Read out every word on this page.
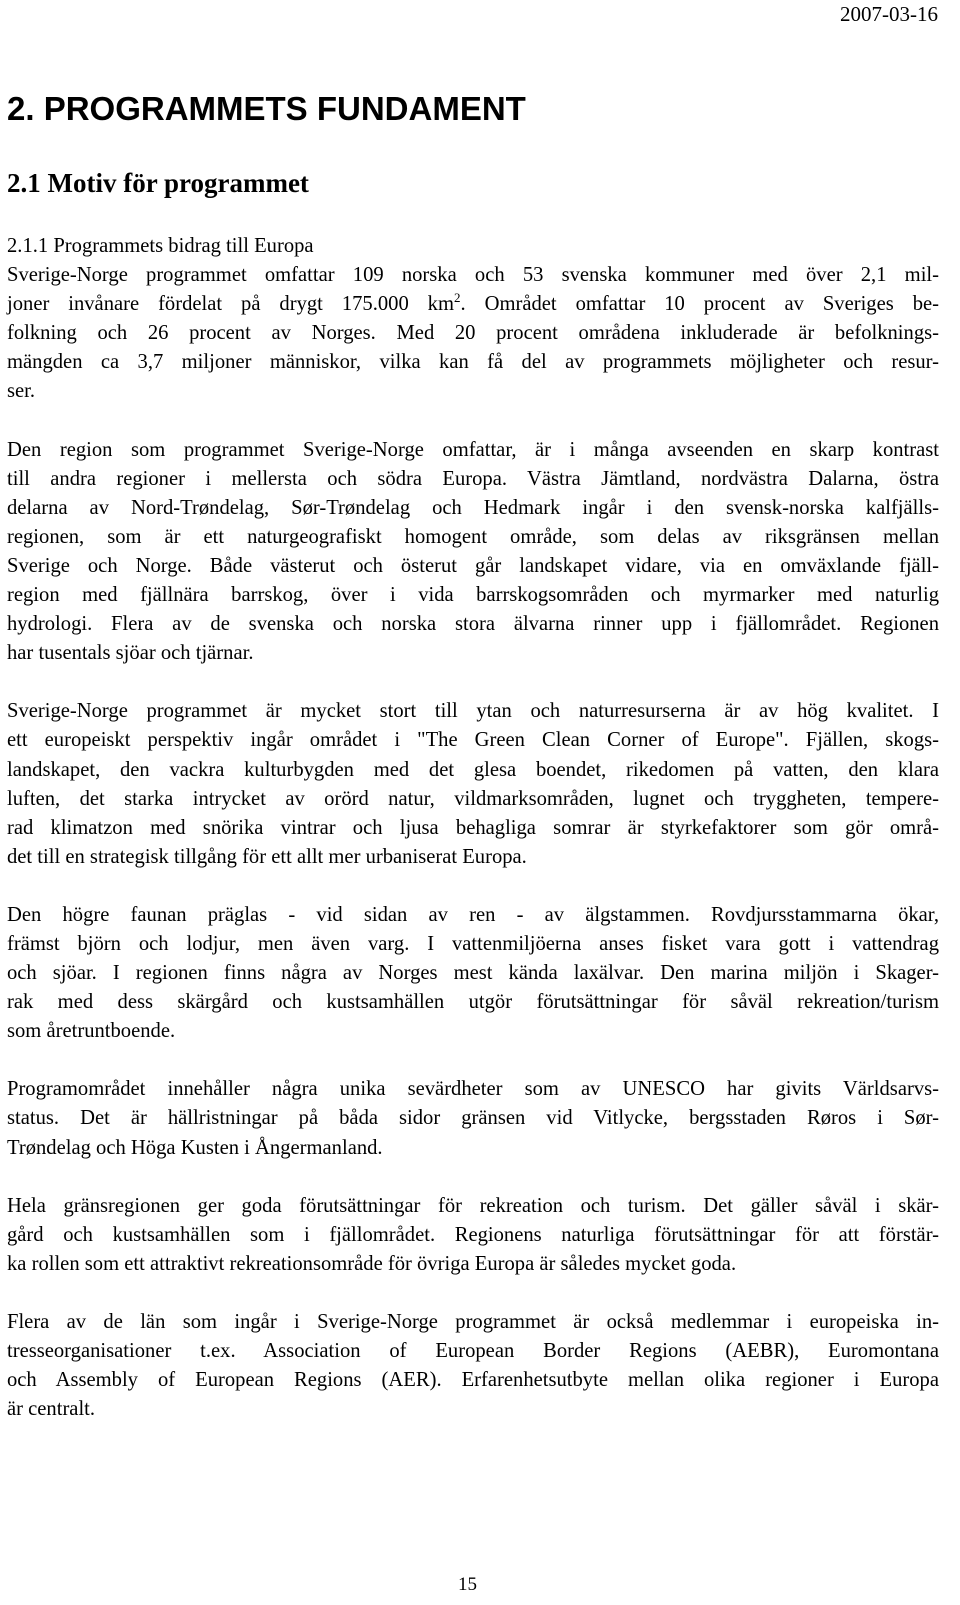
2007-03-16
2. PROGRAMMETS FUNDAMENT
2.1 Motiv för programmet
2.1.1 Programmets bidrag till Europa
Sverige-Norge programmet omfattar 109 norska och 53 svenska kommuner med över 2,1 mil-
joner invånare fördelat på drygt 175.000 $km^2$. Området omfattar 10 procent av Sveriges be-
folkning och 26 procent av Norges. Med 20 procent områdena inkluderade är befolknings-
mängden ca 3,7 miljoner människor, vilka kan få del av programmets möjligheter och resur-
ser.
Den region som programmet Sverige-Norge omfattar, är i många avseenden en skarp kontrast
till andra regioner i mellersta och södra Europa. Västra Jämtland, nordvästra Dalarna, östra
delarna av Nord-Trøndelag, Sør-Trøndelag och Hedmark ingår i den svensk-norska kalfjälls-
regionen, som är ett naturgeografiskt homogent område, som delas av riksgränsen mellan
Sverige och Norge. Både västerut och österut går landskapet vidare, via en omväxlande fjäll-
region med fjällnära barrskog, över i vida barrskogsområden och myrmarker med naturlig
hydrologi. Flera av de svenska och norska stora älvarna rinner upp i fjällområdet. Regionen
har tusentals sjöar och tjärnar.
Sverige-Norge programmet är mycket stort till ytan och naturresurserna är av hög kvalitet. I
ett europeiskt perspektiv ingår området i "The Green Clean Corner of Europe". Fjällen, skogs-
landskapet, den vackra kulturbygden med det glesa boendet, rikedomen på vatten, den klara
luften, det starka intrycket av orörd natur, vildmarksområden, lugnet och tryggheten, tempere-
rad klimatzon med snörika vintrar och ljusa behagliga somrar är styrkefaktorer som gör områ-
det till en strategisk tillgång för ett allt mer urbaniserat Europa.
Den högre faunan präglas - vid sidan av ren - av älgstammen. Rovdjursstammarna ökar,
främst björn och lodjur, men även varg. I vattenmiljöerna anses fisket vara gott i vattendrag
och sjöar. I regionen finns några av Norges mest kända laxälvar. Den marina miljön i Skager-
rak med dess skärgård och kustsamhällen utgör förutsättningar för såväl rekreation/turism
som åretruntboende.
Programområdet innehåller några unika sevärdheter som av UNESCO har givits Världsarvs-
status. Det är hällristningar på båda sidor gränsen vid Vitlycke, bergsstaden Røros i Sør-
Trøndelag och Höga Kusten i Ångermanland.
Hela gränsregionen ger goda förutsättningar för rekreation och turism. Det gäller såväl i skär-
gård och kustsamhällen som i fjällområdet. Regionens naturliga förutsättningar för att förstär-
ka rollen som ett attraktivt rekreationsområde för övriga Europa är således mycket goda.
Flera av de län som ingår i Sverige-Norge programmet är också medlemmar i europeiska in-
tresseorganisationer t.ex. Association of European Border Regions (AEBR), Euromontana
och Assembly of European Regions (AER). Erfarenhetsutbyte mellan olika regioner i Europa
är centralt.
15
